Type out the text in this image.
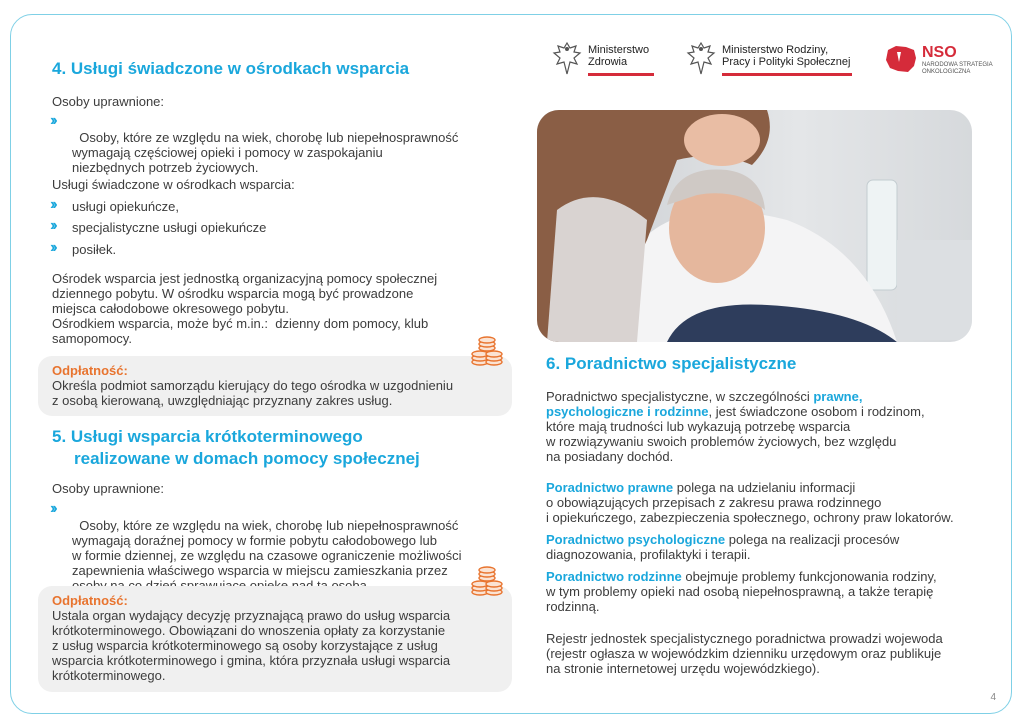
Ministerstwo
Zdrowia
Ministerstwo Rodziny,
Pracy i Polityki Społecznej
NSO
NARODOWA STRATEGIA
ONKOLOGICZNA
4. Usługi świadczone w ośrodkach wsparcia
Osoby uprawnione:

››
Osoby, które ze względu na wiek, chorobę lub niepełnosprawność
wymagają częściowej opieki i pomocy w zaspokajaniu
niezbędnych potrzeb życiowych.

Usługi świadczone w ośrodkach wsparcia:
›› usługi opiekuńcze,
›› specjalistyczne usługi opiekuńcze
›› posiłek.
Ośrodek wsparcia jest jednostką organizacyjną pomocy społecznej
dziennego pobytu. W ośrodku wsparcia mogą być prowadzone
miejsca całodobowe okresowego pobytu.
Ośrodkiem wsparcia, może być m.in.:  dzienny dom pomocy, klub
samopomocy.
Odpłatność:
Określa podmiot samorządu kierujący do tego ośrodka w uzgodnieniu
z osobą kierowaną, uwzględniając przyznany zakres usług.
5. Usługi wsparcia krótkoterminowego
realizowane w domach pomocy społecznej
Osoby uprawnione:

››
Osoby, które ze względu na wiek, chorobę lub niepełnosprawność
wymagają doraźnej pomocy w formie pobytu całodobowego lub
w formie dziennej, ze względu na czasowe ograniczenie możliwości
zapewnienia właściwego wsparcia w miejscu zamieszkania przez

Odpłatność:
Ustala organ wydający decyzję przyznającą prawo do usług wsparcia
krótkoterminowego. Obowiązani do wnoszenia opłaty za korzystanie
z usług wsparcia krótkoterminowego są osoby korzystające z usług
wsparcia krótkoterminowego i gmina, która przyznała usługi wsparcia
krótkoterminowego.
6. Poradnictwo specjalistyczne
Poradnictwo specjalistyczne, w szczególności prawne,
psychologiczne i rodzinne, jest świadczone osobom i rodzinom,
które mają trudności lub wykazują potrzebę wsparcia
w rozwiązywaniu swoich problemów życiowych, bez względu
na posiadany dochód.
Poradnictwo prawne polega na udzielaniu informacji
o obowiązujących przepisach z zakresu prawa rodzinnego
i opiekuńczego, zabezpieczenia społecznego, ochrony praw lokatorów.
Poradnictwo psychologiczne polega na realizacji procesów
diagnozowania, profilaktyki i terapii.
Poradnictwo rodzinne obejmuje problemy funkcjonowania rodziny,
w tym problemy opieki nad osobą niepełnosprawną, a także terapię
rodzinną.
Rejestr jednostek specjalistycznego poradnictwa prowadzi wojewoda
(rejestr ogłasza w wojewódzkim dzienniku urzędowym oraz publikuje
na stronie internetowej urzędu wojewódzkiego).
4
